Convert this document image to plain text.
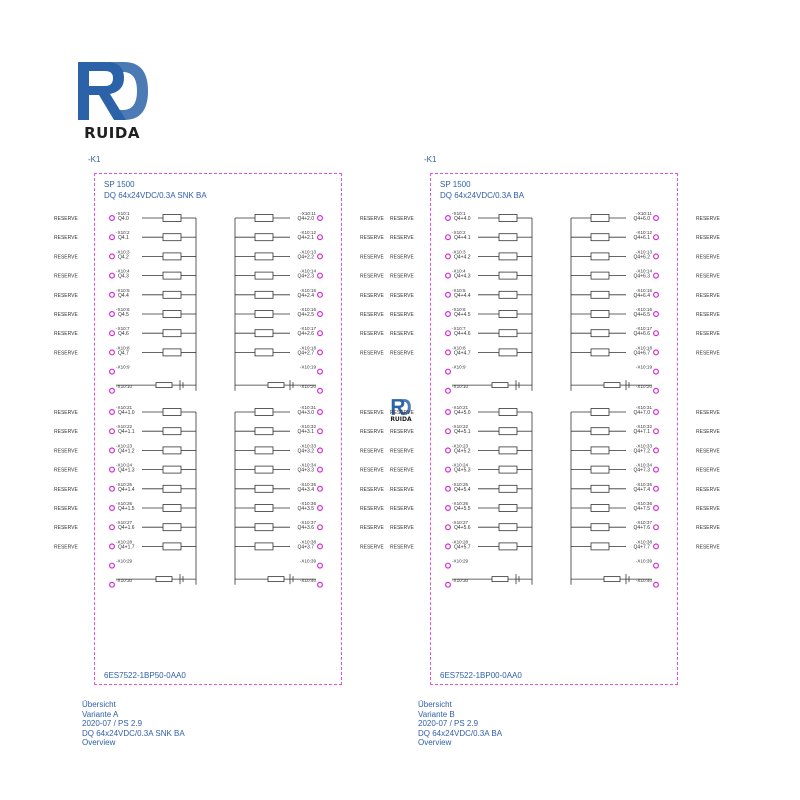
RUIDA
RUIDA
-K1
SP 1500
DQ 64x24VDC/0.3A SNK BA
6ES7522-1BP50-0AA0
-X10:1
Q4.0
RESERVE
-X10:2
Q4.1
RESERVE
-X10:3
Q4.2
RESERVE
-X10:4
Q4.3
RESERVE
-X10:5
Q4.4
RESERVE
-X10:6
Q4.5
RESERVE
-X10:7
Q4.6
RESERVE
-X10:8
Q4.7
RESERVE
-X10:9
-X10:10
-X10:11
Q4+2.0	RESERVE
-X10:12
Q4+2.1	RESERVE
-X10:13
Q4+2.2	RESERVE
-X10:14
Q4+2.3	RESERVE
-X10:15
Q4+2.4	RESERVE
-X10:16
Q4+2.5	RESERVE
-X10:17
Q4+2.6	RESERVE
-X10:18
Q4+2.7	RESERVE
-X10:19
-X10:20
-X10:21
Q4+1.0
RESERVE
-X10:22
Q4+1.1
RESERVE
-X10:23
Q4+1.2
RESERVE
-X10:24
Q4+1.3
RESERVE
-X10:25
Q4+1.4
RESERVE
-X10:26
Q4+1.5
RESERVE
-X10:27
Q4+1.6
RESERVE
-X10:28
Q4+1.7
RESERVE
-X10:29
-X10:30
-X10:31
Q4+3.0	RESERVE
-X10:32
Q4+3.1	RESERVE
-X10:33
Q4+3.2	RESERVE
-X10:34
Q4+3.3	RESERVE
-X10:35
Q4+3.4	RESERVE
-X10:36
Q4+3.5	RESERVE
-X10:37
Q4+3.6	RESERVE
-X10:38
Q4+3.7	RESERVE
-X10:39
-X10:40
Übersicht
Variante A
2020-07 / PS 2.9
DQ 64x24VDC/0.3A SNK BA
Overview
-K1
SP 1500
DQ 64x24VDC/0.3A BA
6ES7522-1BP00-0AA0
-X10:1
Q4+4.0
RESERVE
-X10:2
Q4+4.1
RESERVE
-X10:3
Q4+4.2
RESERVE
-X10:4
Q4+4.3
RESERVE
-X10:5
Q4+4.4
RESERVE
-X10:6
Q4+4.5
RESERVE
-X10:7
Q4+4.6
RESERVE
-X10:8
Q4+4.7
RESERVE
-X10:9
-X10:10
-X10:11
Q4+6.0	RESERVE
-X10:12
Q4+6.1	RESERVE
-X10:13
Q4+6.2	RESERVE
-X10:14
Q4+6.3	RESERVE
-X10:15
Q4+6.4	RESERVE
-X10:16
Q4+6.5	RESERVE
-X10:17
Q4+6.6	RESERVE
-X10:18
Q4+6.7	RESERVE
-X10:19
-X10:20
-X10:21
Q4+5.0
RESERVE
-X10:22
Q4+5.1
RESERVE
-X10:23
Q4+5.2
RESERVE
-X10:24
Q4+5.3
RESERVE
-X10:25
Q4+5.4
RESERVE
-X10:26
Q4+5.5
RESERVE
-X10:27
Q4+5.6
RESERVE
-X10:28
Q4+5.7
RESERVE
-X10:29
-X10:30
-X10:31
Q4+7.0	RESERVE
-X10:32
Q4+7.1	RESERVE
-X10:33
Q4+7.2	RESERVE
-X10:34
Q4+7.3	RESERVE
-X10:35
Q4+7.4	RESERVE
-X10:36
Q4+7.5	RESERVE
-X10:37
Q4+7.6	RESERVE
-X10:38
Q4+7.7	RESERVE
-X10:39
-X10:40
Übersicht
Variante B
2020-07 / PS 2.9
DQ 64x24VDC/0.3A BA
Overview
